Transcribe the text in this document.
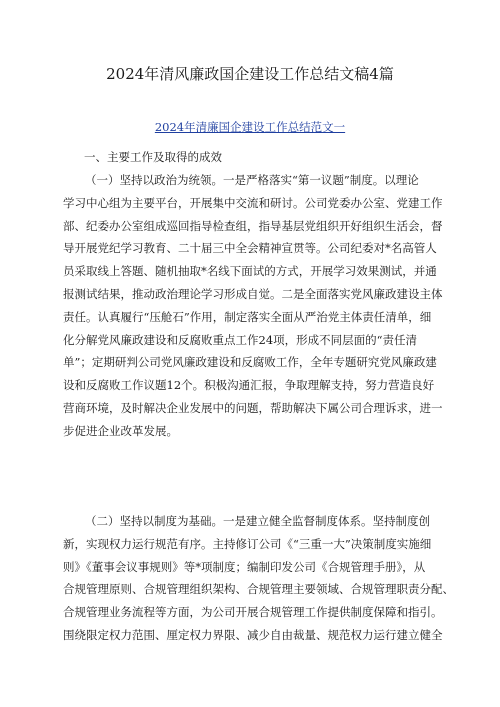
2024年清风廉政国企建设工作总结文稿4篇
2024年清廉国企建设工作总结范文一
一、主要工作及取得的成效

（一）坚持以政治为统领。一是严格落实“第一议题”制度。以理论

学习中心组为主要平台，开展集中交流和研讨。公司党委办公室、党建工作

部、纪委办公室组成巡回指导检查组，指导基层党组织开好组织生活会，督

导开展党纪学习教育、二十届三中全会精神宣贯等。公司纪委对*名高管人

员采取线上答题、随机抽取*名线下面试的方式，开展学习效果测试，并通

报测试结果，推动政治理论学习形成自觉。二是全面落实党风廉政建设主体

责任。认真履行“压舱石”作用，制定落实全面从严治党主体责任清单，细

化分解党风廉政建设和反腐败重点工作24项，形成不同层面的“责任清

单”；定期研判公司党风廉政建设和反腐败工作，全年专题研究党风廉政建

设和反腐败工作议题12个。积极沟通汇报，争取理解支持，努力营造良好

营商环境，及时解决企业发展中的问题，帮助解决下属公司合理诉求，进一

步促进企业改革发展。

（二）坚持以制度为基础。一是建立健全监督制度体系。坚持制度创

新，实现权力运行规范有序。主持修订公司《“三重一大”决策制度实施细

则》《董事会议事规则》等*项制度；编制印发公司《合规管理手册》，从

合规管理原则、合规管理组织架构、合规管理主要领域、合规管理职责分配、

合规管理业务流程等方面，为公司开展合规管理工作提供制度保障和指引。

围绕限定权力范围、厘定权力界限、减少自由裁量、规范权力运行建立健全
